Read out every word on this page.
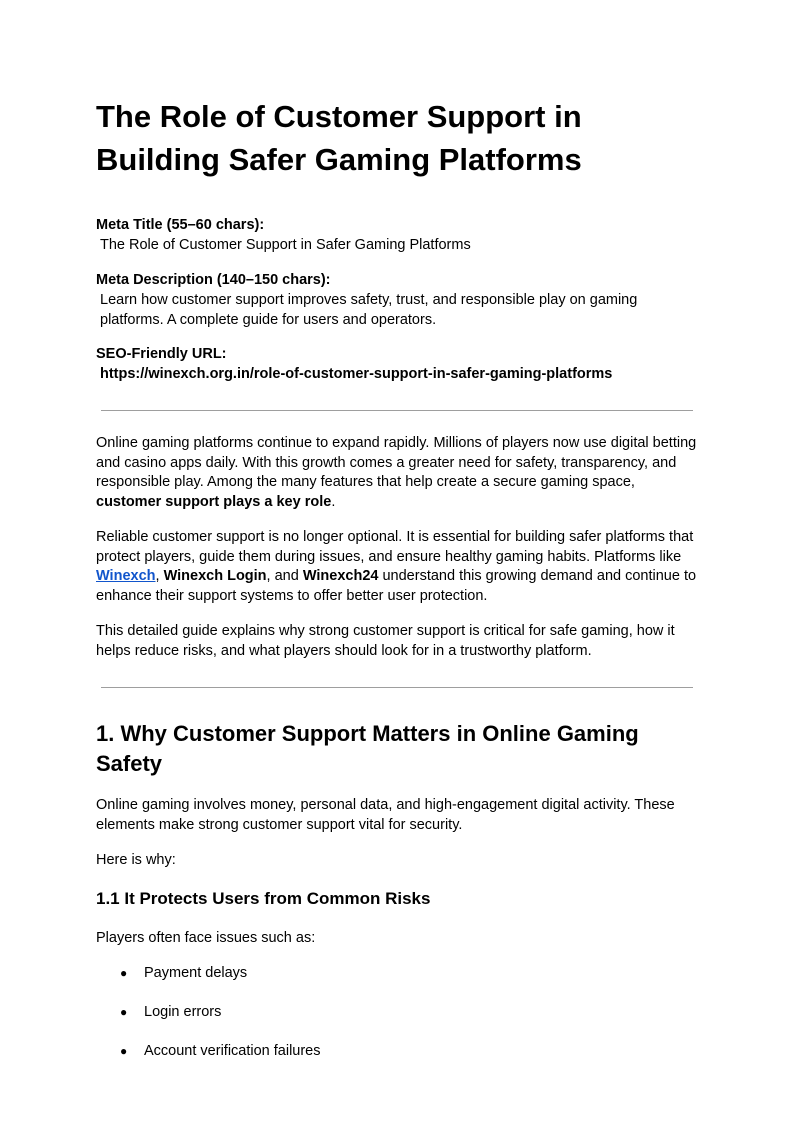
The Role of Customer Support in Building Safer Gaming Platforms
Meta Title (55–60 chars):
The Role of Customer Support in Safer Gaming Platforms
Meta Description (140–150 chars):
Learn how customer support improves safety, trust, and responsible play on gaming platforms. A complete guide for users and operators.
SEO-Friendly URL:
https://winexch.org.in/role-of-customer-support-in-safer-gaming-platforms

Online gaming platforms continue to expand rapidly. Millions of players now use digital betting and casino apps daily. With this growth comes a greater need for safety, transparency, and responsible play. Among the many features that help create a secure gaming space, customer support plays a key role.

Reliable customer support is no longer optional. It is essential for building safer platforms that protect players, guide them during issues, and ensure healthy gaming habits. Platforms like Winexch, Winexch Login, and Winexch24 understand this growing demand and continue to enhance their support systems to offer better user protection.

This detailed guide explains why strong customer support is critical for safe gaming, how it helps reduce risks, and what players should look for in a trustworthy platform.

1. Why Customer Support Matters in Online Gaming Safety

Online gaming involves money, personal data, and high-engagement digital activity. These elements make strong customer support vital for security.

Here is why:

1.1 It Protects Users from Common Risks

Players often face issues such as:

● Payment delays
● Login errors
● Account verification failures
